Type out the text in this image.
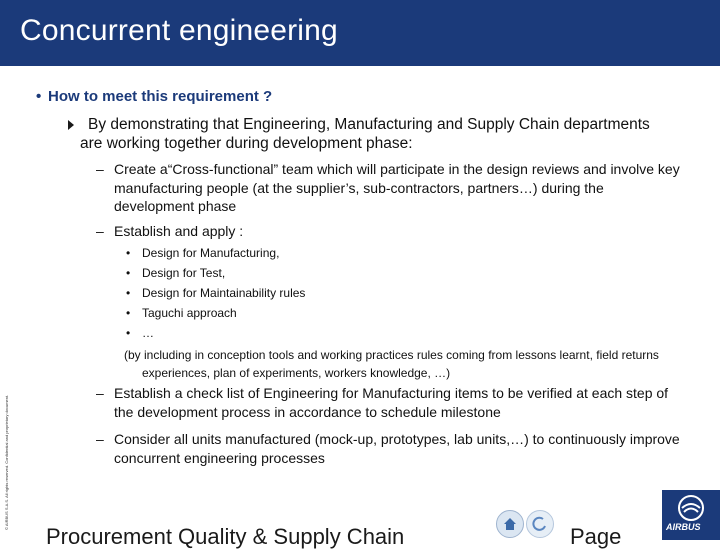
Concurrent engineering
• How to meet this requirement ?
By demonstrating that Engineering, Manufacturing and Supply Chain departments are working together during development phase:
– Create a“Cross-functional” team which will participate in the design reviews and involve key manufacturing people (at the supplier’s, sub-contractors, partners…) during the development phase
– Establish and apply :
• Design for Manufacturing,
• Design for Test,
• Design for Maintainability rules
• Taguchi approach
• …
(by including in conception tools and working practices rules coming from lessons learnt, field returns experiences, plan of experiments, workers knowledge, …)
– Establish a check list of Engineering for Manufacturing items to be verified at each step of the development process in accordance to schedule milestone
– Consider all units manufactured (mock-up, prototypes, lab units,…) to continuously improve concurrent engineering processes
© AIRBUS S.A.S. All rights reserved. Confidential and proprietary document.
Procurement Quality & Supply Chain	Page	AIRBUS
